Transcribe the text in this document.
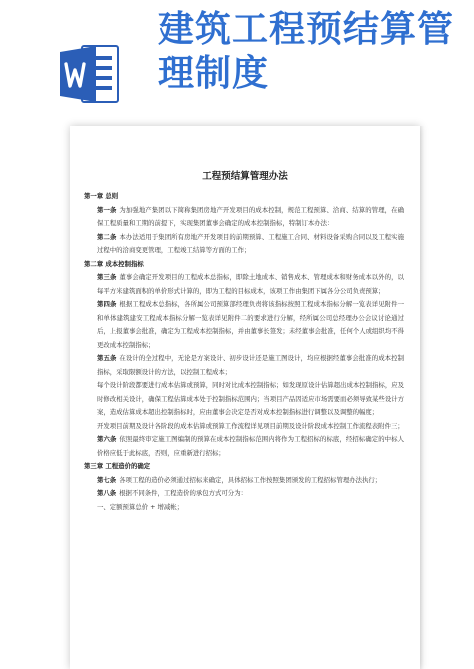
建筑工程预结算管
理制度
工程预结算管理办法

第一章 总则

第一条 为加强地产集团以下简称集团房地产开发项目的成本控制，规范工程预算、洽商、结算的管理，在确保工程质量和工期的前提下，实现集团董事会确定的成本控制指标，特制订本办法：

第二条 本办法适用于集团所有房地产开发项目的前期预算、工程施工合同、材料设备采购合同以及工程实施过程中的洽商变更管理，工程竣工结算等方面的工作；

第二章 成本控制指标

第三条 董事会确定开发项目的工程成本总指标，即除土地成本、销售成本、管理成本和财务成本以外的，以每平方米建筑面积的单价形式计算的，即为工程的目标成本，该项工作由集团下属各分公司负责预算；

第四条 根据工程成本总指标，各所属公司预算部经理负责将该指标按照工程成本指标分解一览表详见附件一和单体建筑建安工程成本指标分解一览表详见附件二的要求进行分解，经所属公司总经理办公会议讨论通过后，上报董事会批准，确定为工程成本控制指标，并由董事长签发；未经董事会批准，任何个人或组织均不得更改成本控制指标；

第五条 在设计的全过程中，无论是方案设计、初步设计还是施工图设计，均应根据经董事会批准的成本控制指标，采取限额设计的方法，以控制工程成本；

每个设计阶段都要进行成本估算或预算，同时对比成本控制指标；如发现原设计估算超出成本控制指标，应及时修改相关设计，确保工程估算成本处于控制指标范围内；当项目产品因适应市场需要而必须导致某些设计方案，造成估算成本超出控制指标时，应由董事会决定是否对成本控制指标进行调整以及调整的幅度；

开发项目前期及设计各阶段的成本估算或预算工作流程详见项目前期及设计阶段成本控制工作流程表附件三；

第六条 依照最终审定施工图编制的预算在成本控制指标范围内将作为工程招标的标底，经招标确定的中标人价格应低于此标底，否则，应重新进行招标；

第三章 工程造价的确定

第七条 各项工程的造价必须通过招标来确定，具体招标工作按照集团颁发的工程招标管理办法执行；

第八条 根据不同条件，工程造价的承包方式可分为：

一、定额预算总价 + 增减帐；
